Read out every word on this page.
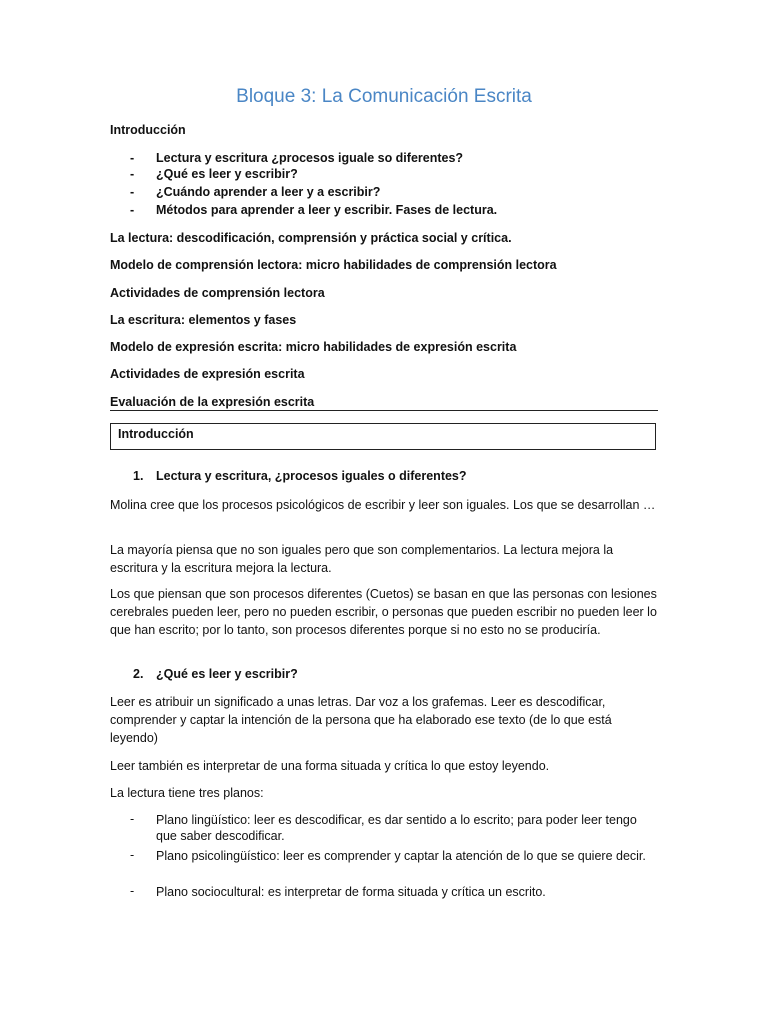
Bloque 3: La Comunicación Escrita
Introducción
- Lectura y escritura ¿procesos iguale so diferentes?
- ¿Qué es leer y escribir?
- ¿Cuándo aprender a leer y a escribir?
- Métodos para aprender a leer y escribir. Fases de lectura.
La lectura: descodificación, comprensión y práctica social y crítica.
Modelo de comprensión lectora: micro habilidades de comprensión lectora
Actividades de comprensión lectora
La escritura: elementos y fases
Modelo de expresión escrita: micro habilidades de expresión escrita
Actividades de expresión escrita
Evaluación de la expresión escrita
Introducción
1. Lectura y escritura, ¿procesos iguales o diferentes?
Molina cree que los procesos psicológicos de escribir y leer son iguales. Los que se desarrollan …
La mayoría piensa que no son iguales pero que son complementarios. La lectura mejora la escritura y la escritura mejora la lectura.
Los que piensan que son procesos diferentes (Cuetos) se basan en que las personas con lesiones cerebrales pueden leer, pero no pueden escribir, o personas que pueden escribir no pueden leer lo que han escrito; por lo tanto, son procesos diferentes porque si no esto no se produciría.
2. ¿Qué es leer y escribir?
Leer es atribuir un significado a unas letras. Dar voz a los grafemas. Leer es descodificar, comprender y captar la intención de la persona que ha elaborado ese texto (de lo que está leyendo)
Leer también es interpretar de una forma situada y crítica lo que estoy leyendo.
La lectura tiene tres planos:
- Plano lingüístico: leer es descodificar, es dar sentido a lo escrito; para poder leer tengo que saber descodificar.
- Plano psicolingüístico: leer es comprender y captar la atención de lo que se quiere decir.
- Plano sociocultural: es interpretar de forma situada y crítica un escrito.
